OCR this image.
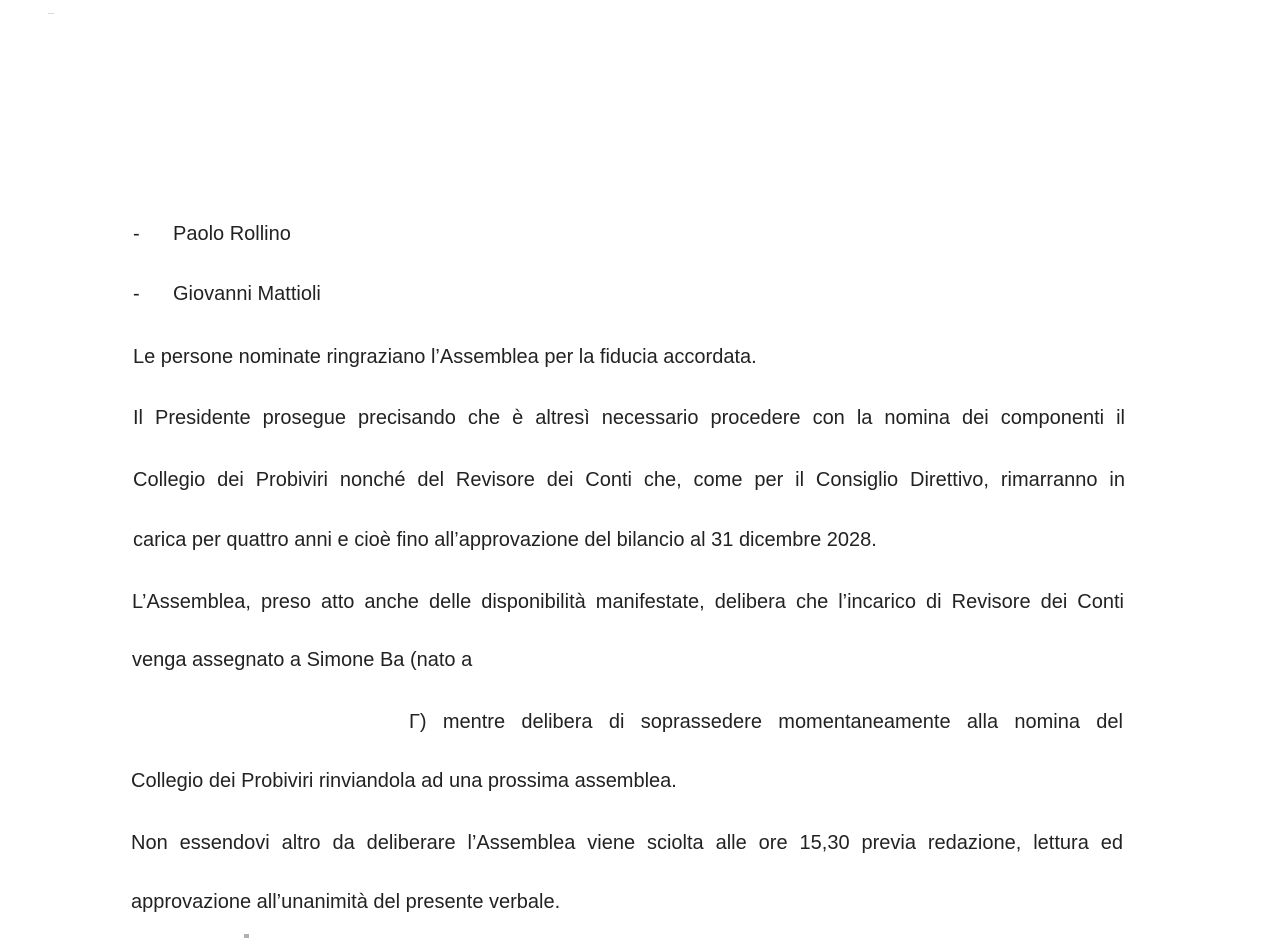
- Paolo Rollino
- Giovanni Mattioli
Le persone nominate ringraziano l’Assemblea per la fiducia accordata.
Il Presidente prosegue precisando che è altresì necessario procedere con la nomina dei componenti il
Collegio dei Probiviri nonché del Revisore dei Conti che, come per il Consiglio Direttivo, rimarranno in
carica per quattro anni e cioè fino all’approvazione del bilancio al 31 dicembre 2028.
L’Assemblea, preso atto anche delle disponibilità manifestate, delibera che l’incarico di Revisore dei Conti
venga assegnato a Simone Ba (nato a
Г) mentre delibera di soprassedere momentaneamente alla nomina del
Collegio dei Probiviri rinviandola ad una prossima assemblea.
Non essendovi altro da deliberare l’Assemblea viene sciolta alle ore 15,30 previa redazione, lettura ed
approvazione all’unanimità del presente verbale.
